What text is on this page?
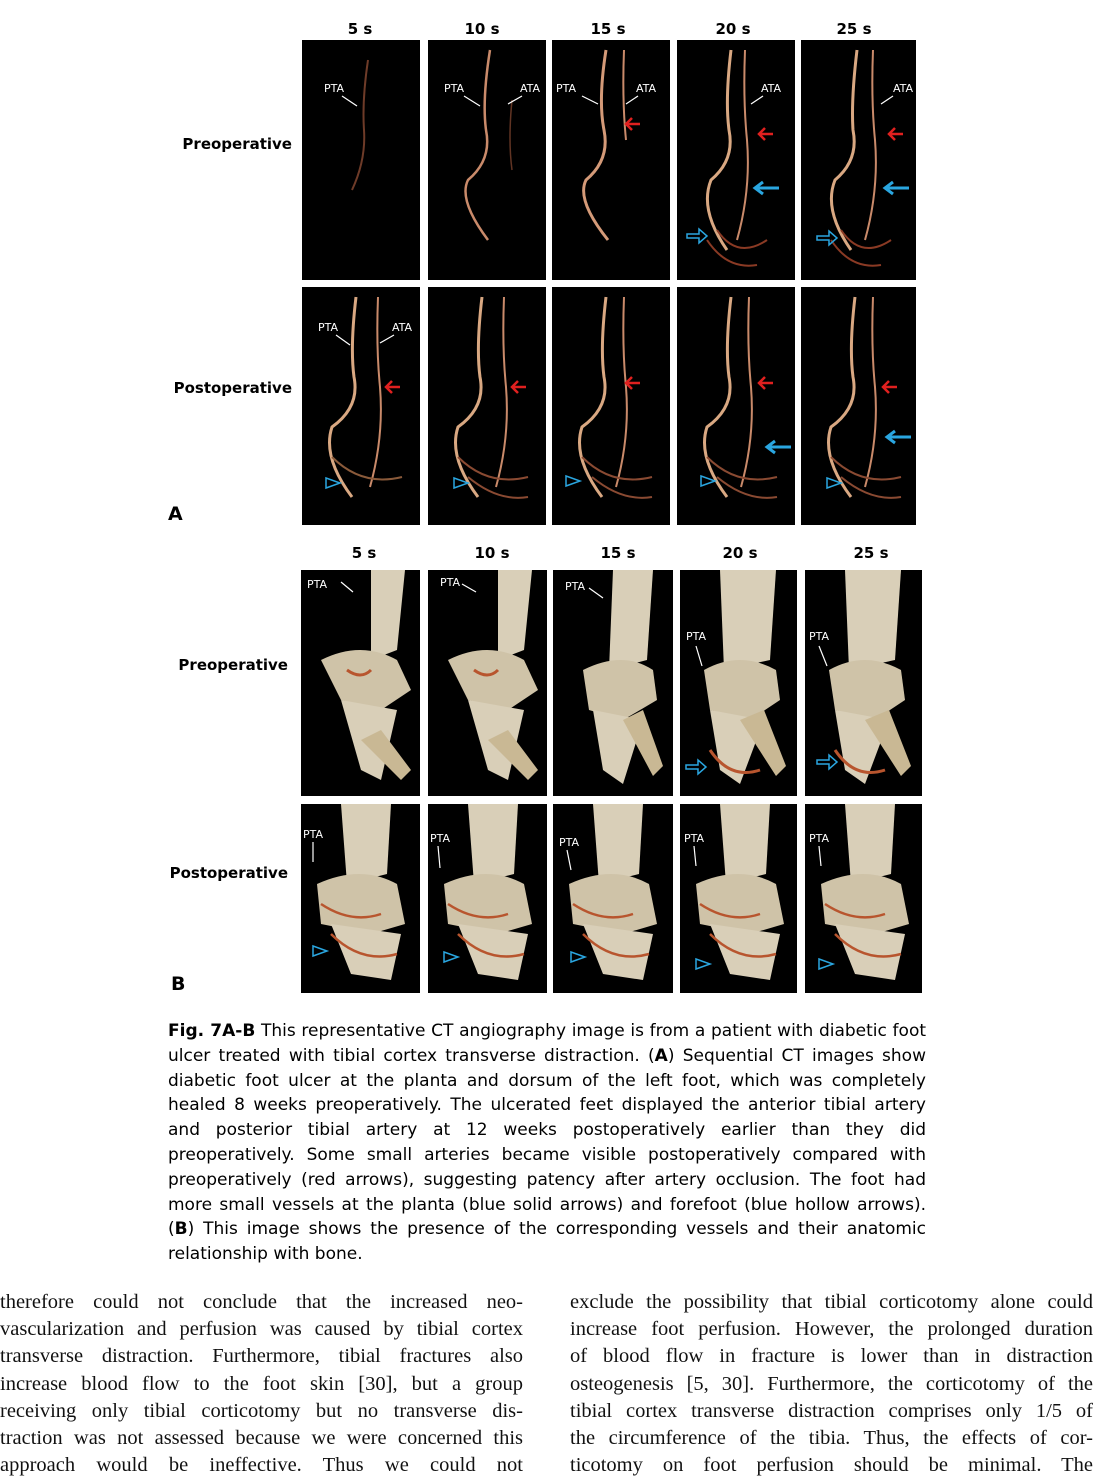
5 s	10 s	15 s	20 s	25 s
Preoperative
Postoperative
A
PTA	PTA	ATA PTA	ATA	ATA	ATA
PTA	ATA
5 s	10 s	15 s	20 s	25 s
Preoperative
Postoperative
B
PTA	PTA	PTA
PTA	PTA
PTA	PTA	PTA	PTA	PTA
Fig. 7A-B This representative CT angiography image is from a patient with diabetic foot ulcer treated with tibial cortex transverse distraction. (A) Sequential CT images show diabetic foot ulcer at the planta and dorsum of the left foot, which was completely healed 8 weeks preoperatively. The ulcerated feet displayed the anterior tibial artery and posterior tibial artery at 12 weeks postoperatively earlier than they did preoperatively. Some small arteries became visible postoperatively compared with preoperatively (red arrows), suggesting patency after artery occlusion. The foot had more small vessels at the planta (blue solid arrows) and forefoot (blue hollow arrows). (B) This image shows the presence of the corresponding vessels and their anatomic relationship with bone.
therefore could not conclude that the increased neo-
vascularization and perfusion was caused by tibial cortex
transverse distraction. Furthermore, tibial fractures also
increase blood flow to the foot skin [30], but a group
receiving only tibial corticotomy but no transverse dis-
traction was not assessed because we were concerned this
approach would be ineffective. Thus we could not
exclude the possibility that tibial corticotomy alone could
increase foot perfusion. However, the prolonged duration
of blood flow in fracture is lower than in distraction
osteogenesis [5, 30]. Furthermore, the corticotomy of the
tibial cortex transverse distraction comprises only 1/5 of
the circumference of the tibia. Thus, the effects of cor-
ticotomy on foot perfusion should be minimal. The
